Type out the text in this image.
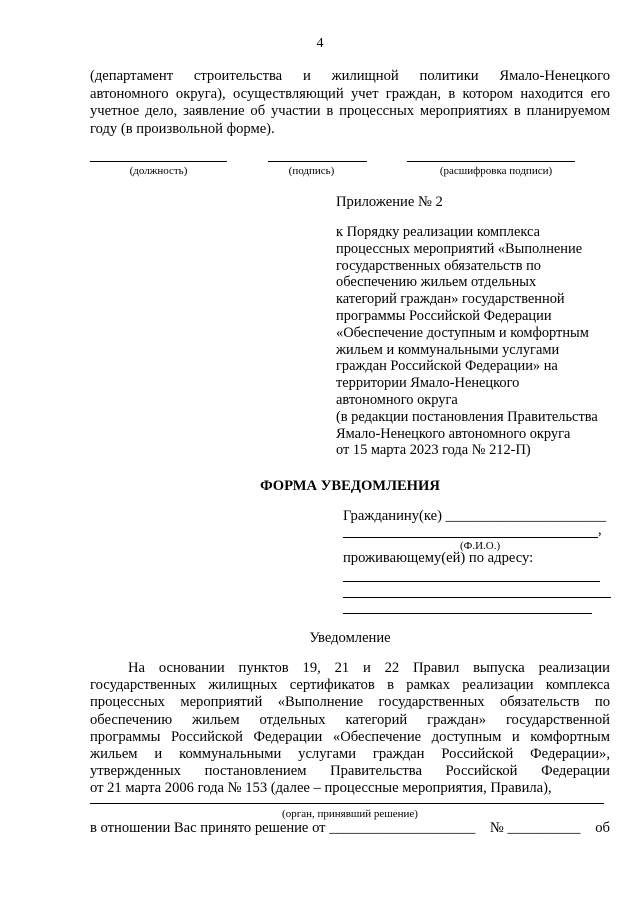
4
(департамент строительства и жилищной политики Ямало-Ненецкого
автономного округа), осуществляющий учет граждан, в котором находится его
учетное дело, заявление об участии в процессных мероприятиях в планируемом
году (в произвольной форме).
(должность)	(подпись)	(расшифровка подписи)
Приложение № 2
к Порядку реализации комплекса
процессных мероприятий «Выполнение
государственных обязательств по
обеспечению жильем отдельных
категорий граждан» государственной
программы Российской Федерации
«Обеспечение доступным и комфортным
жильем и коммунальными услугами
граждан Российской Федерации» на
территории Ямало-Ненецкого
автономного округа
(в редакции постановления Правительства
Ямало-Ненецкого автономного округа
от 15 марта 2023 года № 212-П)
ФОРМА УВЕДОМЛЕНИЯ
Гражданину(ке) ______________________
,
(Ф.И.О.)
проживающему(ей) по адресу:
Уведомление
На основании пунктов 19, 21 и 22 Правил выпуска реализации
государственных жилищных сертификатов в рамках реализации комплекса
процессных мероприятий «Выполнение государственных обязательств по
обеспечению жильем отдельных категорий граждан» государственной
программы Российской Федерации «Обеспечение доступным и комфортным
жильем и коммунальными услугами граждан Российской Федерации»,
утвержденных постановлением Правительства Российской Федерации
от 21 марта 2006 года № 153 (далее – процессные мероприятия, Правила),
(орган, принявший решение)
в отношении Вас принято решение от ____________________ № __________ об
